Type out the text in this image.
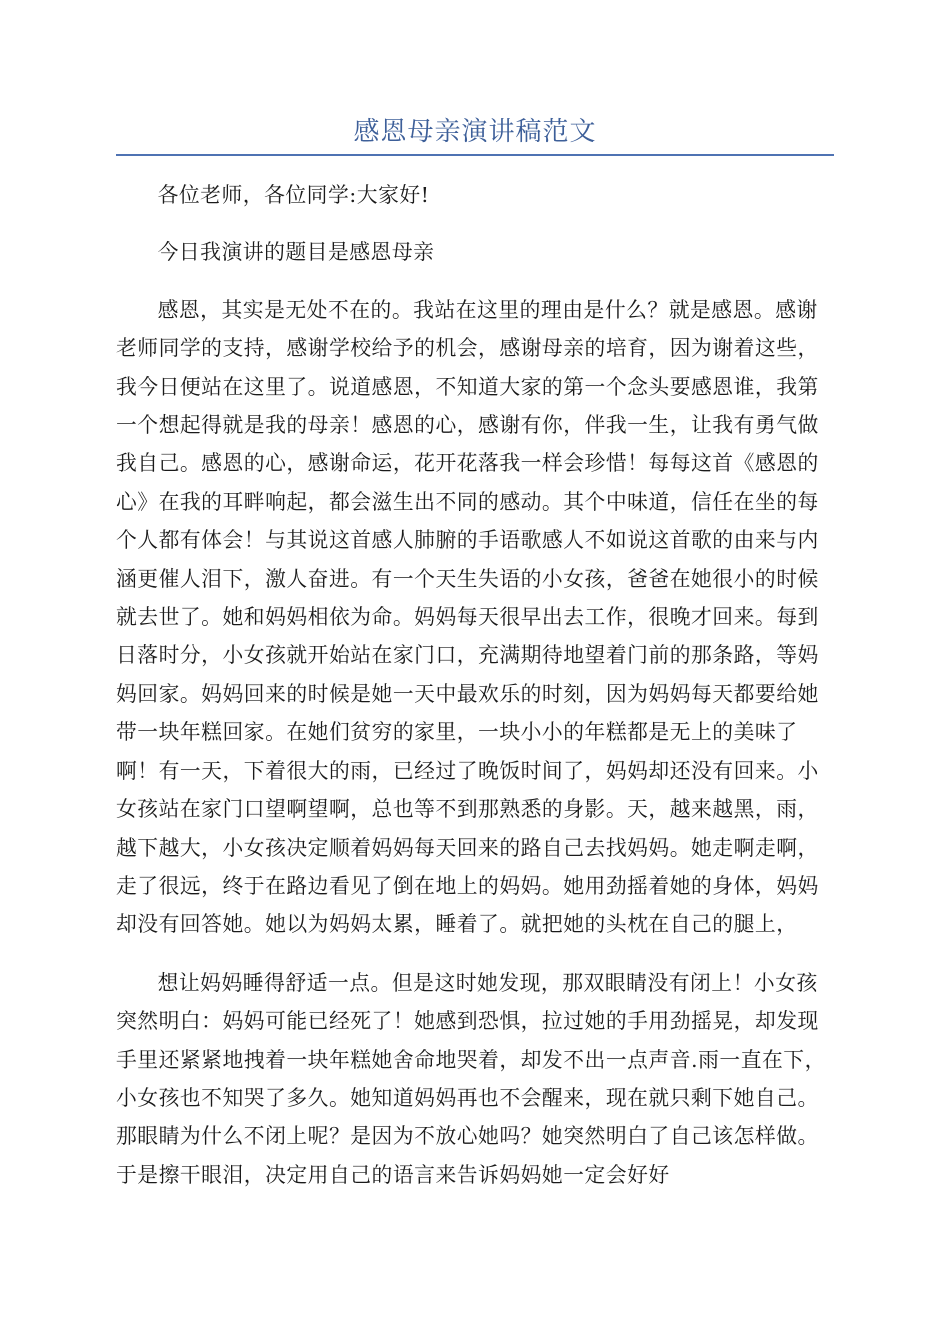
感恩母亲演讲稿范文

各位老师，各位同学:大家好!

今日我演讲的题目是感恩母亲

感恩，其实是无处不在的。我站在这里的理由是什么？就是感恩。感谢老师同学的支持，感谢学校给予的机会，感谢母亲的培育，因为谢着这些，我今日便站在这里了。说道感恩，不知道大家的第一个念头要感恩谁，我第一个想起得就是我的母亲！感恩的心，感谢有你，伴我一生，让我有勇气做我自己。感恩的心，感谢命运，花开花落我一样会珍惜！每每这首《感恩的心》在我的耳畔响起，都会滋生出不同的感动。其个中味道，信任在坐的每个人都有体会！与其说这首感人肺腑的手语歌感人不如说这首歌的由来与内涵更催人泪下，激人奋进。有一个天生失语的小女孩，爸爸在她很小的时候就去世了。她和妈妈相依为命。妈妈每天很早出去工作，很晚才回来。每到日落时分，小女孩就开始站在家门口，充满期待地望着门前的那条路，等妈妈回家。妈妈回来的时候是她一天中最欢乐的时刻，因为妈妈每天都要给她带一块年糕回家。在她们贫穷的家里，一块小小的年糕都是无上的美味了啊！有一天，下着很大的雨，已经过了晚饭时间了，妈妈却还没有回来。小女孩站在家门口望啊望啊，总也等不到那熟悉的身影。天，越来越黑，雨，越下越大，小女孩决定顺着妈妈每天回来的路自己去找妈妈。她走啊走啊，走了很远，终于在路边看见了倒在地上的妈妈。她用劲摇着她的身体，妈妈却没有回答她。她以为妈妈太累，睡着了。就把她的头枕在自己的腿上，

想让妈妈睡得舒适一点。但是这时她发现，那双眼睛没有闭上！小女孩突然明白：妈妈可能已经死了！她感到恐惧，拉过她的手用劲摇晃，却发现手里还紧紧地拽着一块年糕她舍命地哭着，却发不出一点声音.雨一直在下，小女孩也不知哭了多久。她知道妈妈再也不会醒来，现在就只剩下她自己。那眼睛为什么不闭上呢？是因为不放心她吗？她突然明白了自己该怎样做。于是擦干眼泪，决定用自己的语言来告诉妈妈她一定会好好
